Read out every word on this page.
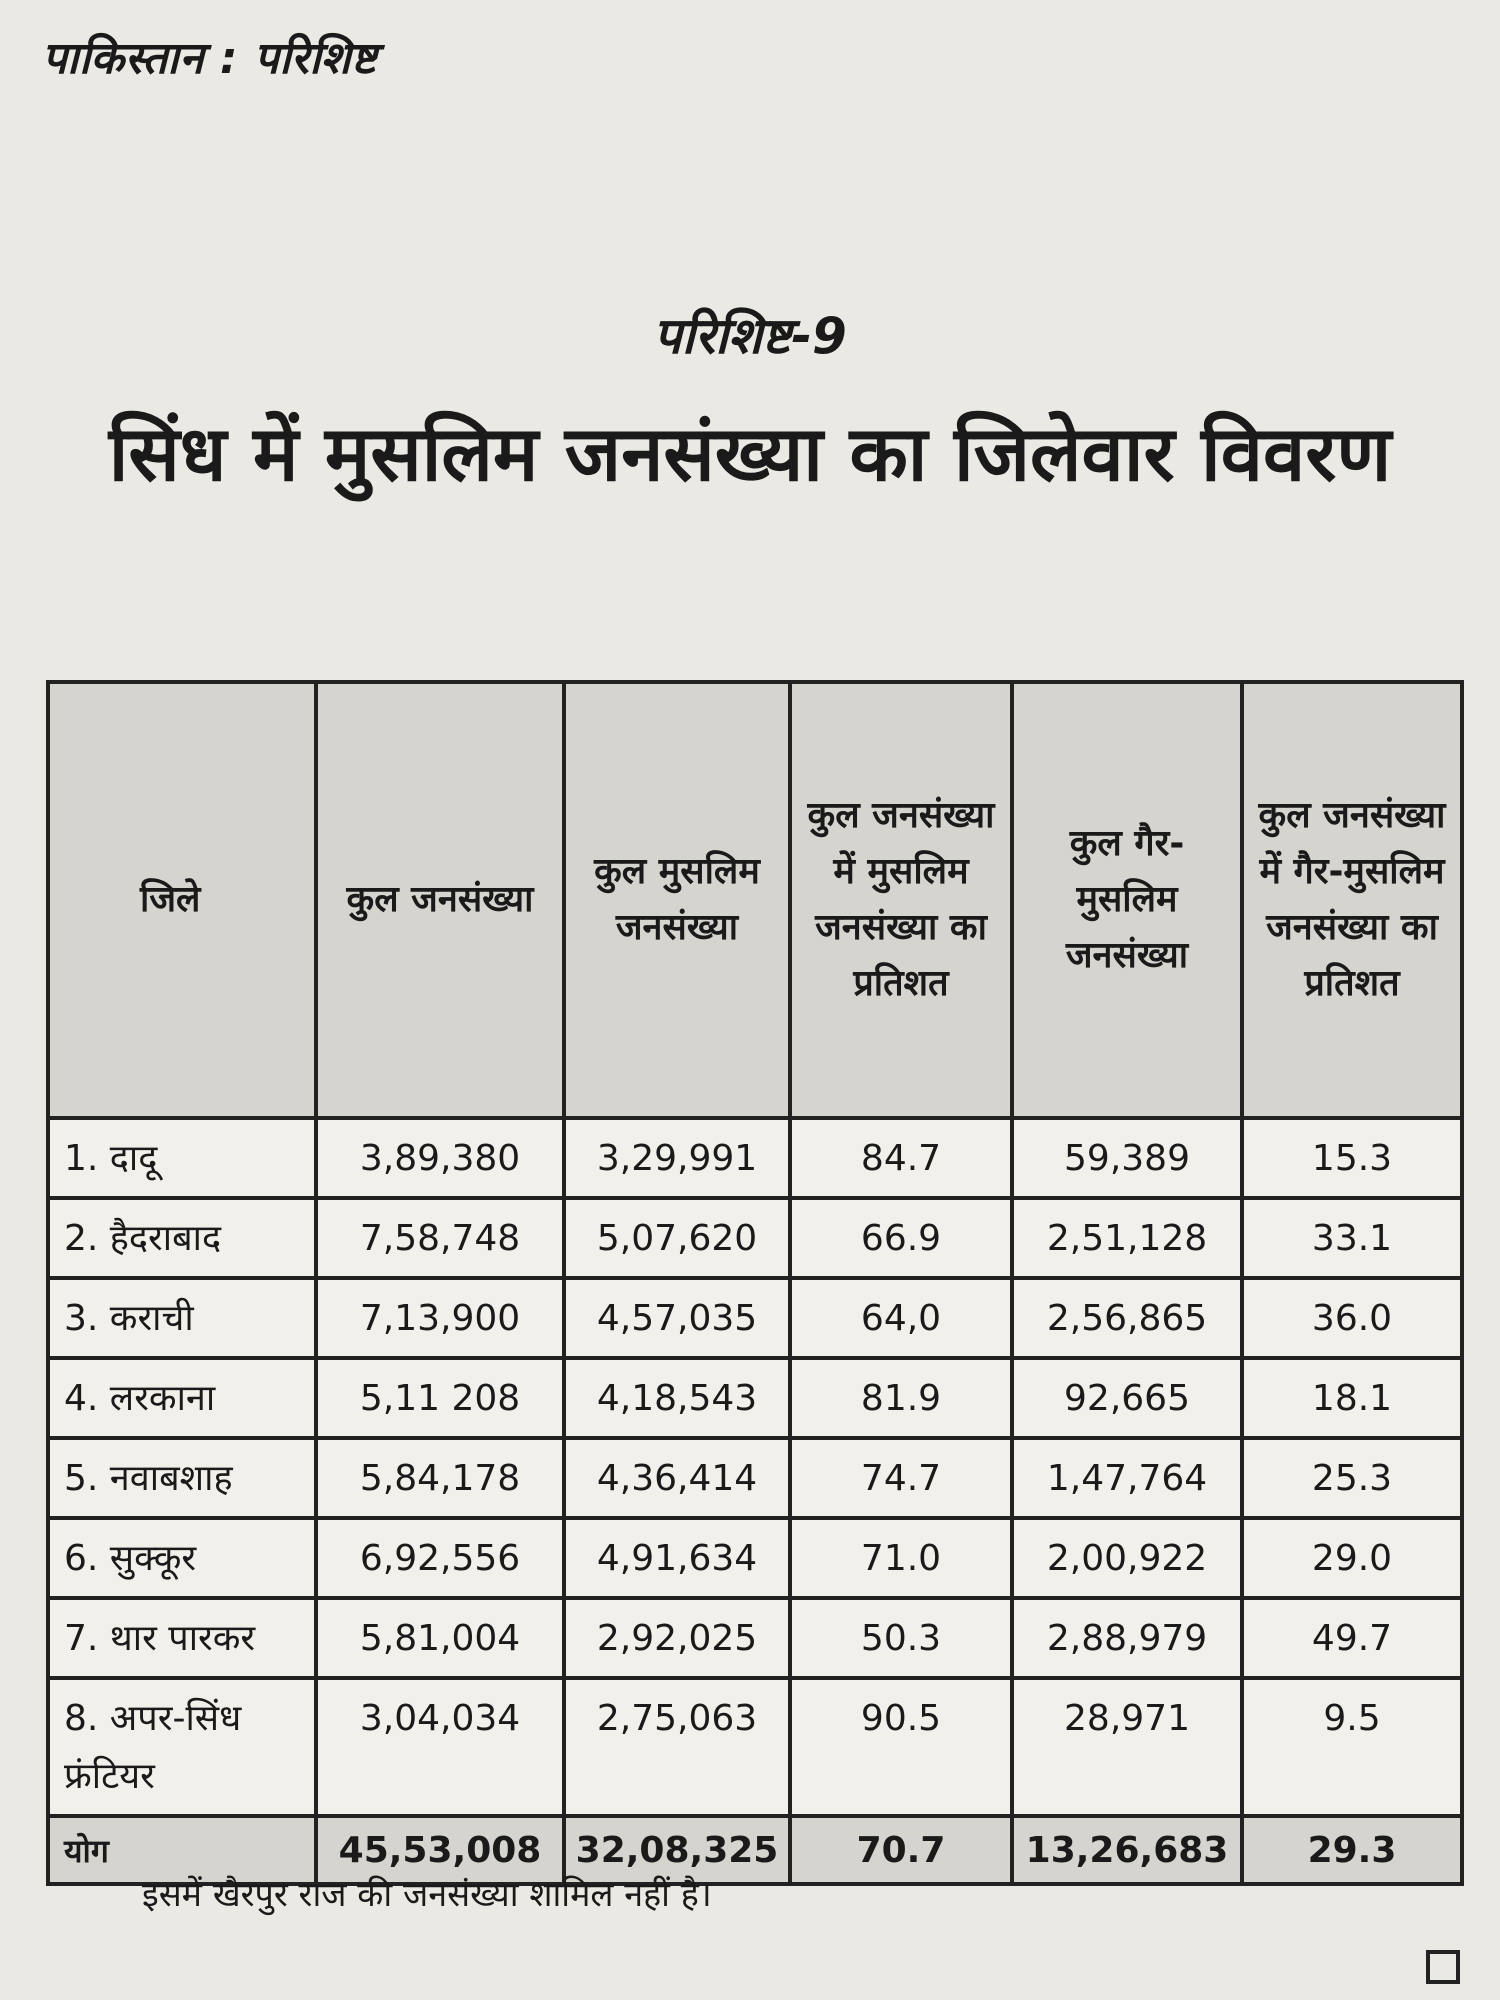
पाकिस्तान : परिशिष्ट
परिशिष्ट-9
सिंध में मुसलिम जनसंख्या का जिलेवार विवरण
जिले	कुल जनसंख्या	कुल मुसलिम जनसंख्या	कुल जनसंख्या में मुसलिम जनसंख्या का प्रतिशत	कुल गैर-मुसलिम जनसंख्या	कुल जनसंख्या में गैर-मुसलिम जनसंख्या का प्रतिशत
1. दादू	3,89,380	3,29,991	84.7	59,389	15.3
2. हैदराबाद	7,58,748	5,07,620	66.9	2,51,128	33.1
3. कराची	7,13,900	4,57,035	64,0	2,56,865	36.0
4. लरकाना	5,11 208	4,18,543	81.9	92,665	18.1
5. नवाबशाह	5,84,178	4,36,414	74.7	1,47,764	25.3
6. सुक्कूर	6,92,556	4,91,634	71.0	2,00,922	29.0
7. थार पारकर	5,81,004	2,92,025	50.3	2,88,979	49.7
8. अपर-सिंध फ्रंटियर	3,04,034	2,75,063	90.5	28,971	9.5
योग	45,53,008	32,08,325	70.7	13,26,683	29.3
इसमें खैरपुर राज की जनसंख्या शामिल नहीं है।
